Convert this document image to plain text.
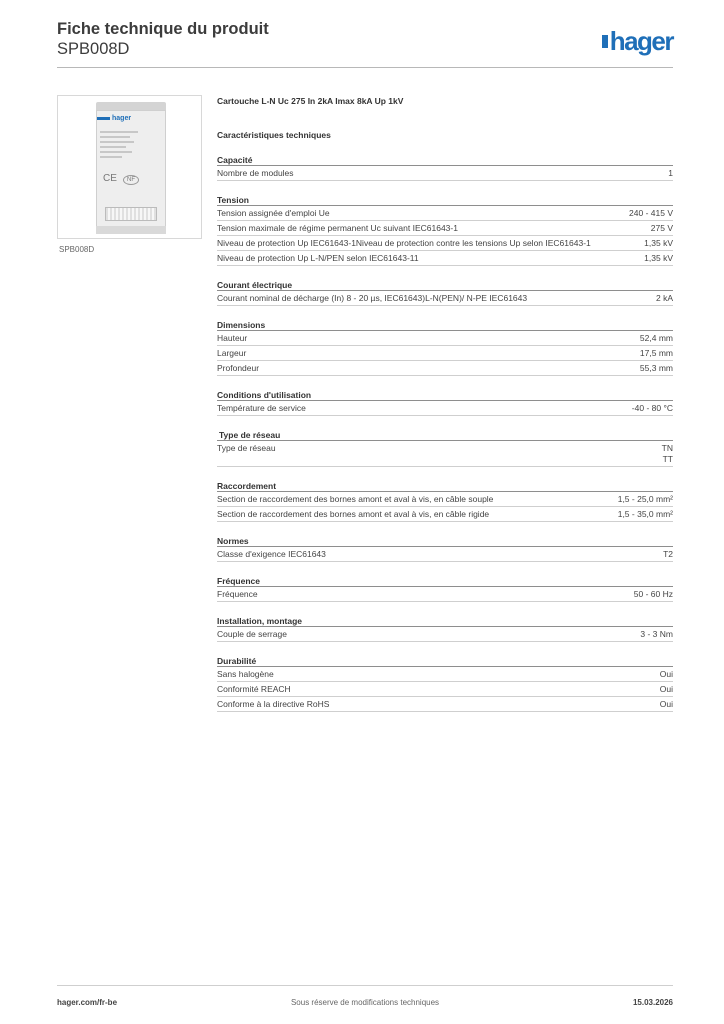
Fiche technique du produit
SPB008D	hager
hager
CE	NF
SPB008D
Cartouche L-N Uc 275 In 2kA Imax 8kA Up 1kV
Caractéristiques techniques
Capacité
Nombre de modules	1
Tension
Tension assignée d'emploi Ue	240 - 415 V
Tension maximale de régime permanent Uc suivant IEC61643-1	275 V
Niveau de protection Up IEC61643-1Niveau de protection contre les tensions Up selon IEC61643-1	1,35 kV
Niveau de protection Up L-N/PEN selon IEC61643-11	1,35 kV
Courant électrique
Courant nominal de décharge (In) 8 - 20 µs, IEC61643)L-N(PEN)/ N-PE IEC61643	2 kA
Dimensions
Hauteur	52,4 mm
Largeur	17,5 mm
Profondeur	55,3 mm
Conditions d'utilisation
Température de service	-40 - 80 °C
Type de réseau
Type de réseau	TN
TT
Raccordement
Section de raccordement des bornes amont et aval à vis, en câble souple	1,5 - 25,0 mm²
Section de raccordement des bornes amont et aval à vis, en câble rigide	1,5 - 35,0 mm²
Normes
Classe d'exigence IEC61643	T2
Fréquence
Fréquence	50 - 60 Hz
Installation, montage
Couple de serrage	3 - 3 Nm
Durabilité
Sans halogène	Oui
Conformité REACH	Oui
Conforme à la directive RoHS	Oui
hager.com/fr-be	Sous réserve de modifications techniques	15.03.2026
